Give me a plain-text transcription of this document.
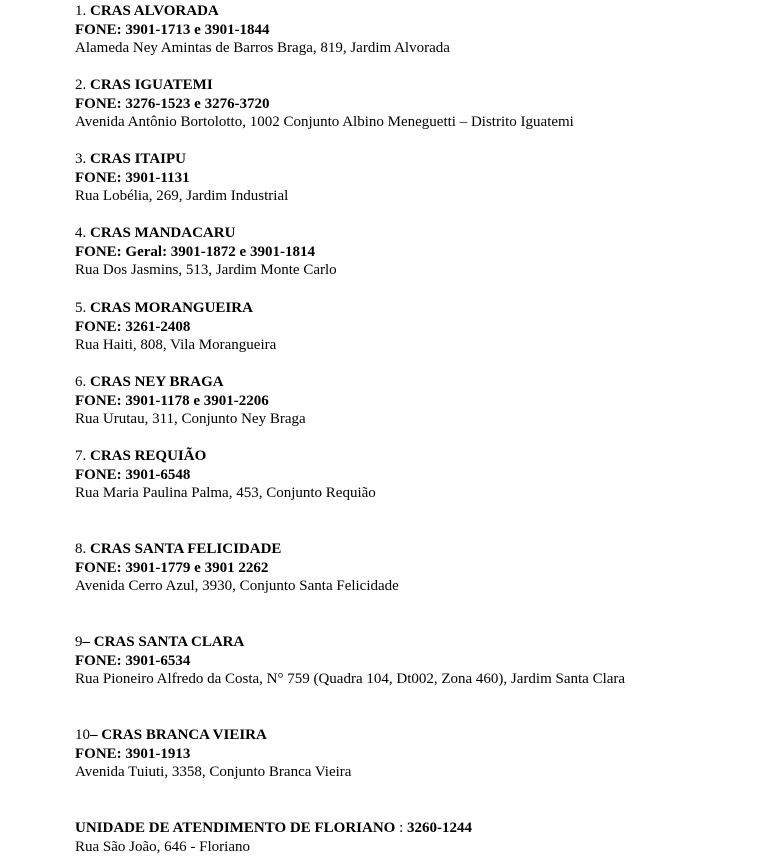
1. CRAS ALVORADA
FONE: 3901-1713 e 3901-1844
Alameda Ney Amintas de Barros Braga, 819, Jardim Alvorada
2. CRAS IGUATEMI
FONE: 3276-1523 e 3276-3720
Avenida Antônio Bortolotto, 1002 Conjunto Albino Meneguetti – Distrito Iguatemi
3. CRAS ITAIPU
FONE: 3901-1131
Rua Lobélia, 269, Jardim Industrial
4. CRAS MANDACARU
FONE: Geral: 3901-1872 e 3901-1814
Rua Dos Jasmins, 513, Jardim Monte Carlo
5. CRAS MORANGUEIRA
FONE: 3261-2408
Rua Haiti, 808, Vila Morangueira
6. CRAS NEY BRAGA
FONE: 3901-1178 e 3901-2206
Rua Urutau, 311, Conjunto Ney Braga
7. CRAS REQUIÃO
FONE: 3901-6548
Rua Maria Paulina Palma, 453, Conjunto Requião
8. CRAS SANTA FELICIDADE
FONE: 3901-1779 e 3901 2262
Avenida Cerro Azul, 3930, Conjunto Santa Felicidade
9– CRAS SANTA CLARA
FONE: 3901-6534
Rua Pioneiro Alfredo da Costa, N° 759 (Quadra 104, Dt002, Zona 460), Jardim Santa Clara
10– CRAS BRANCA VIEIRA
FONE: 3901-1913
Avenida Tuiuti, 3358, Conjunto Branca Vieira
UNIDADE DE ATENDIMENTO DE FLORIANO : 3260-1244
Rua São João, 646 - Floriano
